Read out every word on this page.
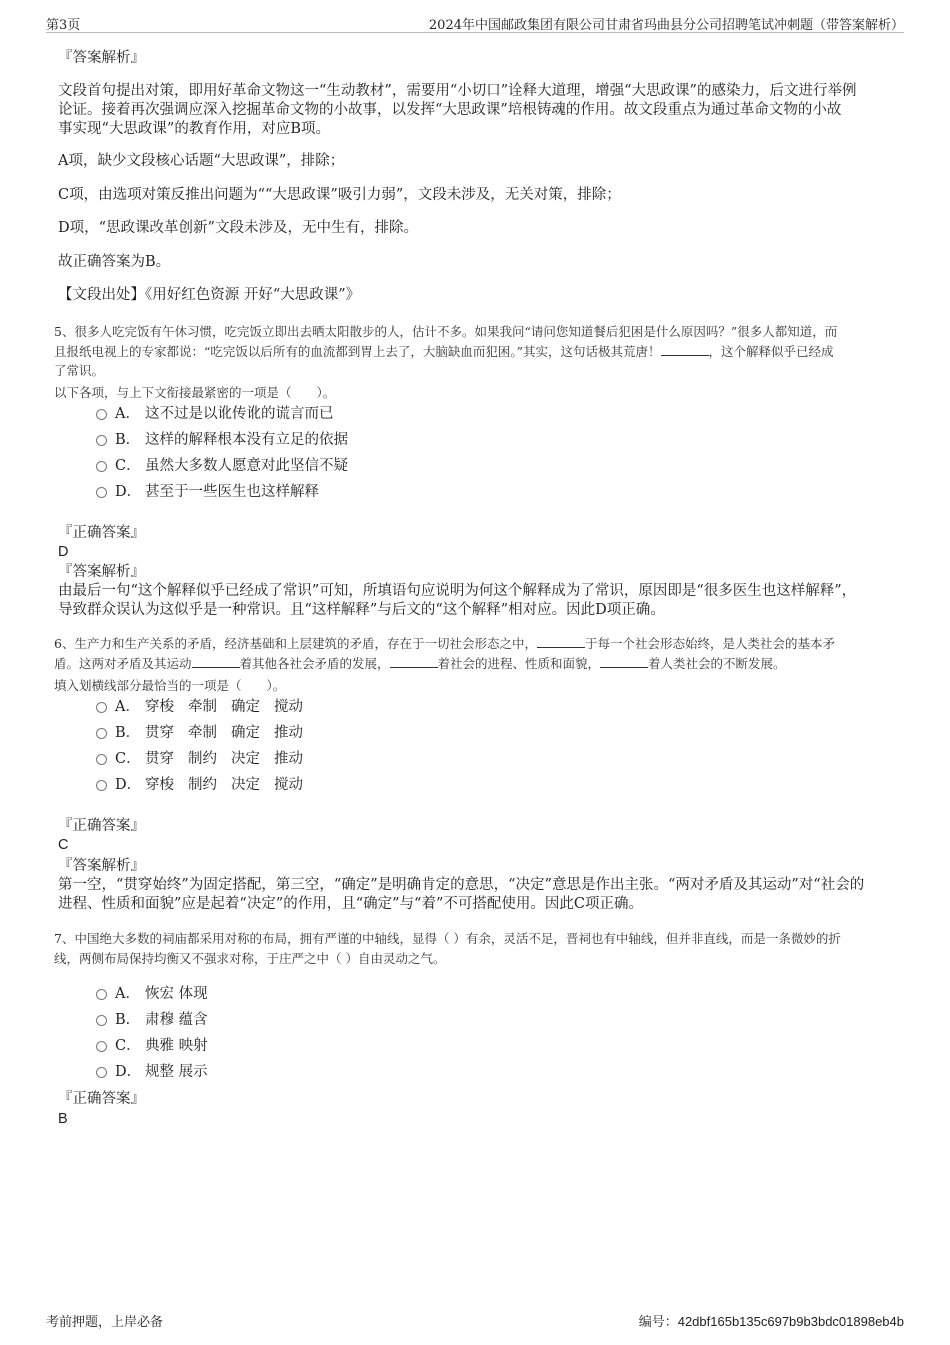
第3页	2024年中国邮政集团有限公司甘肃省玛曲县分公司招聘笔试冲刺题（带答案解析）
『答案解析』
文段首句提出对策，即用好革命文物这一“生动教材”，需要用“小切口”诠释大道理，增强“大思政课”的感染力，后文进行举例
论证。接着再次强调应深入挖掘革命文物的小故事，以发挥“大思政课”培根铸魂的作用。故文段重点为通过革命文物的小故
事实现“大思政课”的教育作用，对应B项。
A项，缺少文段核心话题“大思政课”，排除；
C项，由选项对策反推出问题为““大思政课”吸引力弱”，文段未涉及，无关对策，排除；
D项，“思政课改革创新”文段未涉及，无中生有，排除。
故正确答案为B。
【文段出处】《用好红色资源 开好“大思政课”》
5、很多人吃完饭有午休习惯，吃完饭立即出去晒太阳散步的人，估计不多。如果我问“请问您知道餐后犯困是什么原因吗？”很多人都知道，而
且报纸电视上的专家都说：“吃完饭以后所有的血流都到胃上去了，大脑缺血而犯困。”其实，这句话极其荒唐！	，这个解释似乎已经成
了常识。
以下各项，与上下文衔接最紧密的一项是（　　）。
A． 这不过是以讹传讹的谎言而已
B． 这样的解释根本没有立足的依据
C． 虽然大多数人愿意对此坚信不疑
D． 甚至于一些医生也这样解释
『正确答案』
D
『答案解析』
由最后一句“这个解释似乎已经成了常识”可知，所填语句应说明为何这个解释成为了常识，原因即是“很多医生也这样解释”，
导致群众误认为这似乎是一种常识。且“这样解释”与后文的“这个解释”相对应。因此D项正确。
6、生产力和生产关系的矛盾，经济基础和上层建筑的矛盾，存在于一切社会形态之中，	于每一个社会形态始终，是人类社会的基本矛
盾。这两对矛盾及其运动	着其他各社会矛盾的发展，	着社会的进程、性质和面貌，	着人类社会的不断发展。
填入划横线部分最恰当的一项是（　　）。
A． 穿梭 牵制 确定 搅动
B． 贯穿 牵制 确定 推动
C． 贯穿 制约 决定 推动
D． 穿梭 制约 决定 搅动
『正确答案』
C
『答案解析』
第一空，“贯穿始终”为固定搭配，第三空，“确定”是明确肯定的意思，“决定”意思是作出主张。“两对矛盾及其运动”对“社会的
进程、性质和面貌”应是起着“决定”的作用，且“确定”与“着”不可搭配使用。因此C项正确。
7、中国绝大多数的祠庙都采用对称的布局，拥有严谨的中轴线，显得（ ）有余，灵活不足，晋祠也有中轴线，但并非直线，而是一条微妙的折
线，两侧布局保持均衡又不强求对称，于庄严之中（ ）自由灵动之气。
A． 恢宏 体现
B． 肃穆 蕴含
C． 典雅 映射
D． 规整 展示
『正确答案』
B
考前押题，上岸必备	编号：42dbf165b135c697b9b3bdc01898eb4b
